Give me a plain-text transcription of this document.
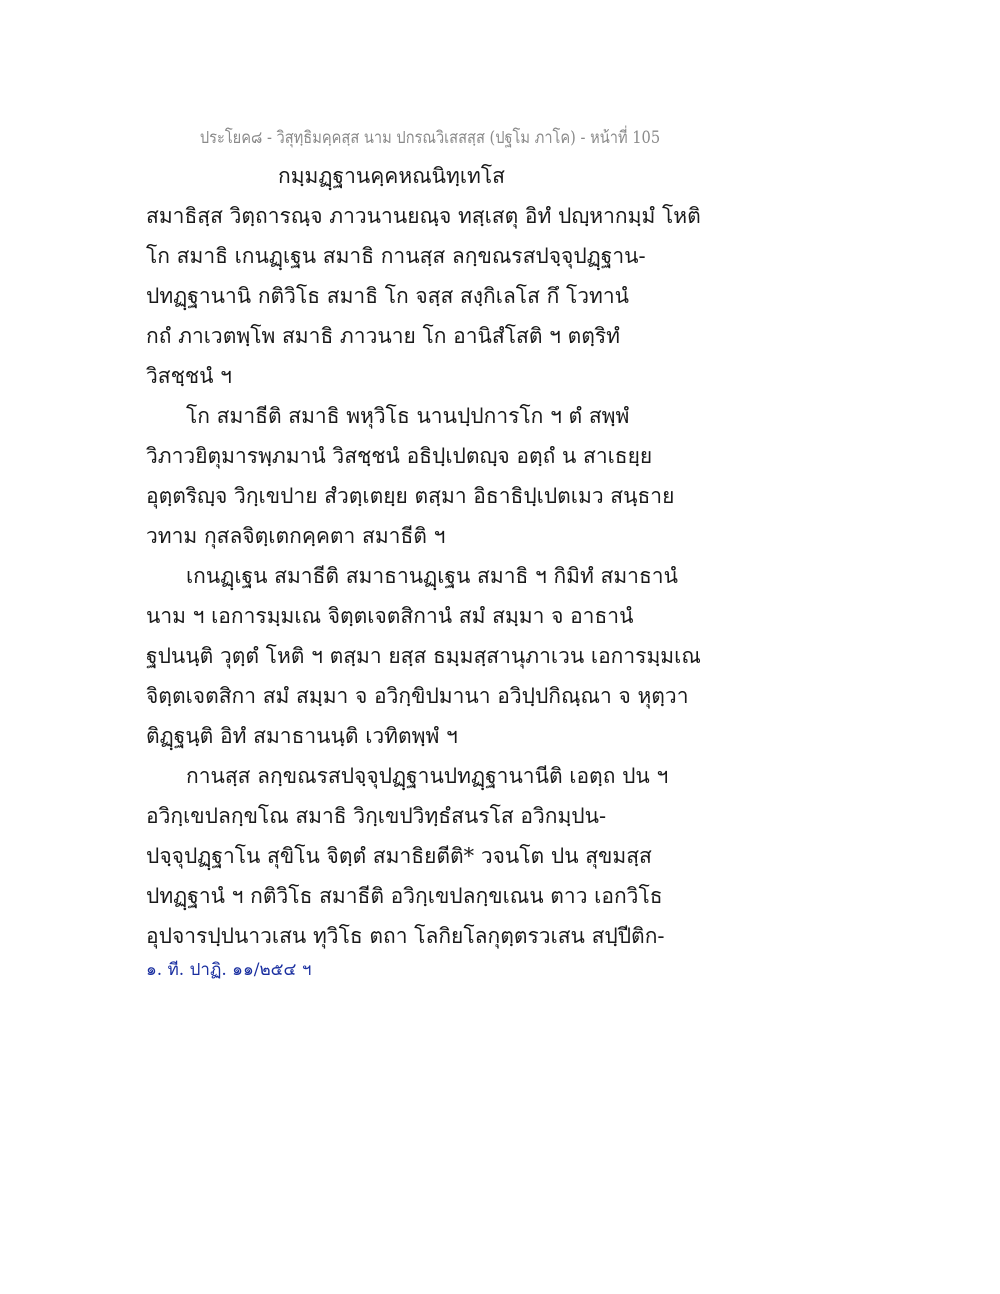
ประโยค๘ - วิสุทฺธิมคฺคสฺส นาม ปกรณวิเสสสฺส (ปฐโม ภาโค) - หน้าที่ 105
กมฺมฏฺฐานคฺคหณนิทฺเทโส
สมาธิสฺส วิตฺถารณฺจ ภาวนานยณฺจ ทสฺเสตุ อิทํ ปญฺหากมฺมํ โหติ
โก สมาธิ เกนฏฺเฐน สมาธิ กานสฺส ลกฺขณรสปจฺจุปฏฺฐาน-
ปทฏฺฐานานิ กติวิโธ สมาธิ โก จสฺส สงฺกิเลโส กึ โวทานํ
กถํ ภาเวตพฺโพ สมาธิ ภาวนาย โก อานิสํโสติ ฯ ตตฺริทํ
วิสชฺชนํ ฯ
โก สมาธีติ สมาธิ พหุวิโธ นานปฺปการโก ฯ ตํ สพฺพํ
วิภาวยิตุมารพฺภมานํ วิสชฺชนํ อธิปฺเปตญฺจ อตฺถํ น สาเธยฺย
อุตฺตริญฺจ วิกฺเขปาย สํวตฺเตยฺย ตสฺมา อิธาธิปฺเปตเมว สนฺธาย
วทาม กุสลจิตฺเตกคฺคตา สมาธีติ ฯ
เกนฏฺเฐน สมาธีติ สมาธานฏฺเฐน สมาธิ ฯ กิมิทํ สมาธานํ
นาม ฯ เอการมฺมเณ จิตฺตเจตสิกานํ สมํ สมฺมา จ อาธานํ
ฐปนนฺติ วุตฺตํ โหติ ฯ ตสฺมา ยสฺส ธมฺมสฺสานุภาเวน เอการมฺมเณ
จิตฺตเจตสิกา สมํ สมฺมา จ อวิกฺขิปมานา อวิปฺปกิณฺณา จ หุตฺวา
ติฏฺฐนฺติ อิทํ สมาธานนฺติ เวทิตพฺพํ ฯ
กานสฺส ลกฺขณรสปจฺจุปฏฺฐานปทฏฺฐานานีติ เอตฺถ ปน ฯ
อวิกฺเขปลกฺขโณ สมาธิ วิกฺเขปวิทฺธํสนรโส อวิกมฺปน-
ปจฺจุปฏฺฐาโน สุขิโน จิตฺตํ สมาธิยตีติ* วจนโต ปน สุขมสฺส
ปทฏฺฐานํ ฯ กติวิโธ สมาธีติ อวิกฺเขปลกฺขเณน ตาว เอกวิโธ
อุปจารปฺปนาวเสน ทุวิโธ ตถา โลกิยโลกุตฺตรวเสน สปฺปีติก-
๑. ที. ปาฏิ. ๑๑/๒๕๔ ฯ
